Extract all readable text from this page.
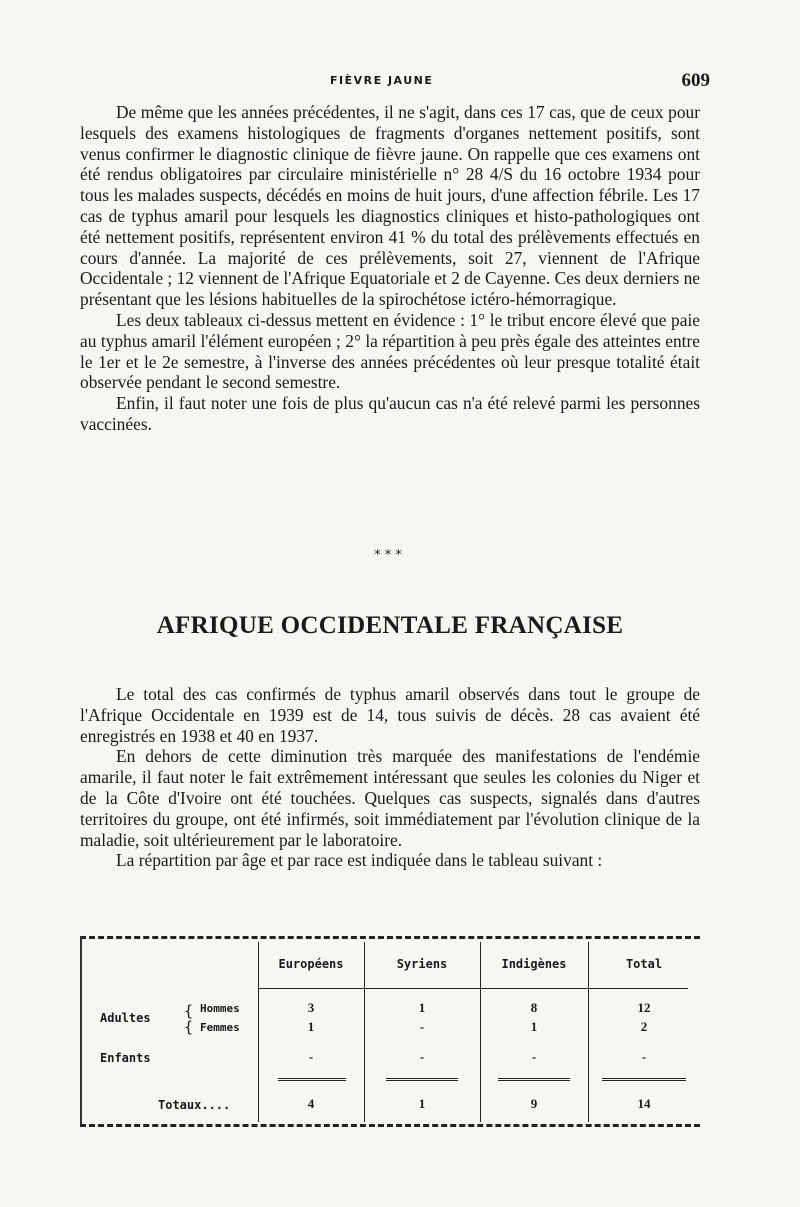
FIÈVRE JAUNE	609

De même que les années précédentes, il ne s'agit, dans ces 17 cas, que de ceux pour lesquels des examens histologiques de fragments d'organes nettement positifs, sont venus confirmer le diagnostic clinique de fièvre jaune. On rappelle que ces examens ont été rendus obligatoires par circulaire ministérielle n° 28 4/S du 16 octobre 1934 pour tous les malades suspects, décédés en moins de huit jours, d'une affection fébrile. Les 17 cas de typhus amaril pour lesquels les diagnostics cliniques et histo-pathologiques ont été nettement positifs, représentent environ 41 % du total des prélèvements effectués en cours d'année. La majorité de ces prélèvements, soit 27, viennent de l'Afrique Occidentale ; 12 viennent de l'Afrique Equatoriale et 2 de Cayenne. Ces deux derniers ne présentant que les lésions habituelles de la spirochétose ictéro-hémorragique.

Les deux tableaux ci-dessus mettent en évidence : 1° le tribut encore élevé que paie au typhus amaril l'élément européen ; 2° la répartition à peu près égale des atteintes entre le 1er et le 2e semestre, à l'inverse des années précédentes où leur presque totalité était observée pendant le second semestre.

Enfin, il faut noter une fois de plus qu'aucun cas n'a été relevé parmi les personnes vaccinées.

* * *
AFRIQUE OCCIDENTALE FRANÇAISE

Le total des cas confirmés de typhus amaril observés dans tout le groupe de l'Afrique Occidentale en 1939 est de 14, tous suivis de décès. 28 cas avaient été enregistrés en 1938 et 40 en 1937.

En dehors de cette diminution très marquée des manifestations de l'endémie amarile, il faut noter le fait extrêmement intéressant que seules les colonies du Niger et de la Côte d'Ivoire ont été touchées. Quelques cas suspects, signalés dans d'autres territoires du groupe, ont été infirmés, soit immédiatement par l'évolution clinique de la maladie, soit ultérieurement par le laboratoire.

La répartition par âge et par race est indiquée dans le tableau suivant :

Européens	Syriens	Indigènes	Total
Adultes {
{
Hommes	3	1	8	12
Femmes	1	-	1	2
Enfants	-	-	-	-
Totaux....	4	1	9	14
